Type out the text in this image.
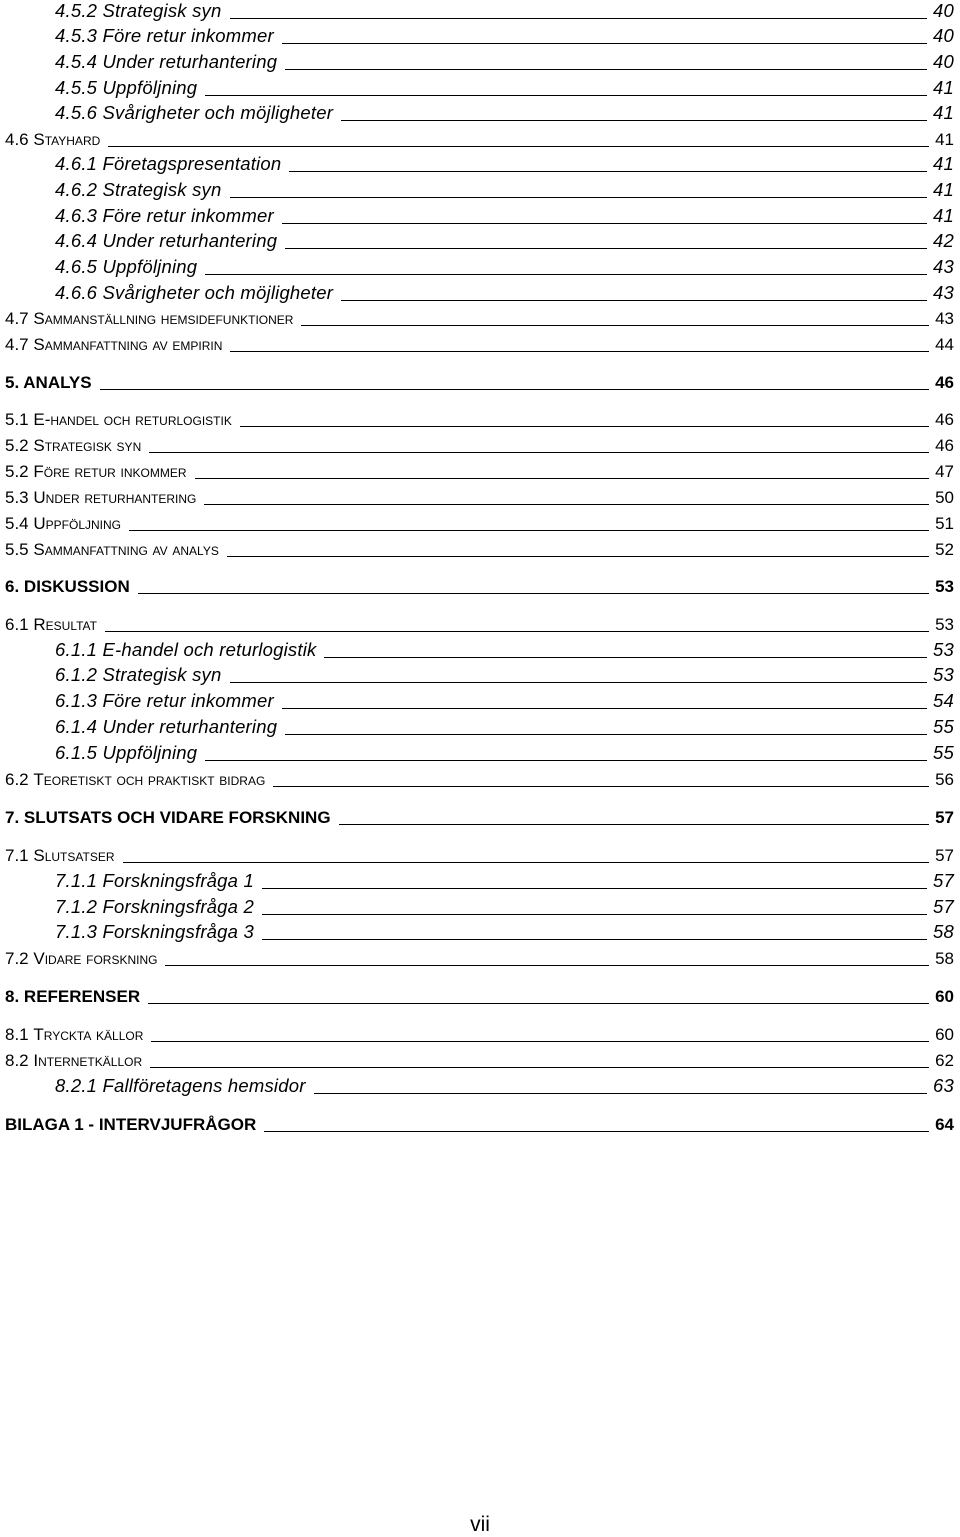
4.5.2 Strategisk syn	40
4.5.3 Före retur inkommer	40
4.5.4 Under returhantering	40
4.5.5 Uppföljning	41
4.5.6 Svårigheter och möjligheter	41
4.6 Stayhard	41
4.6.1 Företagspresentation	41
4.6.2 Strategisk syn	41
4.6.3 Före retur inkommer	41
4.6.4 Under returhantering	42
4.6.5 Uppföljning	43
4.6.6 Svårigheter och möjligheter	43
4.7 Sammanställning hemsidefunktioner	43
4.7 Sammanfattning av empirin	44
5. ANALYS	46
5.1 E-handel och returlogistik	46
5.2 Strategisk syn	46
5.2 Före retur inkommer	47
5.3 Under returhantering	50
5.4 Uppföljning	51
5.5 Sammanfattning av analys	52
6. DISKUSSION	53
6.1 Resultat	53
6.1.1 E-handel och returlogistik	53
6.1.2 Strategisk syn	53
6.1.3 Före retur inkommer	54
6.1.4 Under returhantering	55
6.1.5 Uppföljning	55
6.2 Teoretiskt och praktiskt bidrag	56
7. SLUTSATS OCH VIDARE FORSKNING	57
7.1 Slutsatser	57
7.1.1 Forskningsfråga 1	57
7.1.2 Forskningsfråga 2	57
7.1.3 Forskningsfråga 3	58
7.2 Vidare forskning	58
8. REFERENSER	60
8.1 Tryckta källor	60
8.2 Internetkällor	62
8.2.1 Fallföretagens hemsidor	63
BILAGA 1 - INTERVJUFRÅGOR	64
vii
